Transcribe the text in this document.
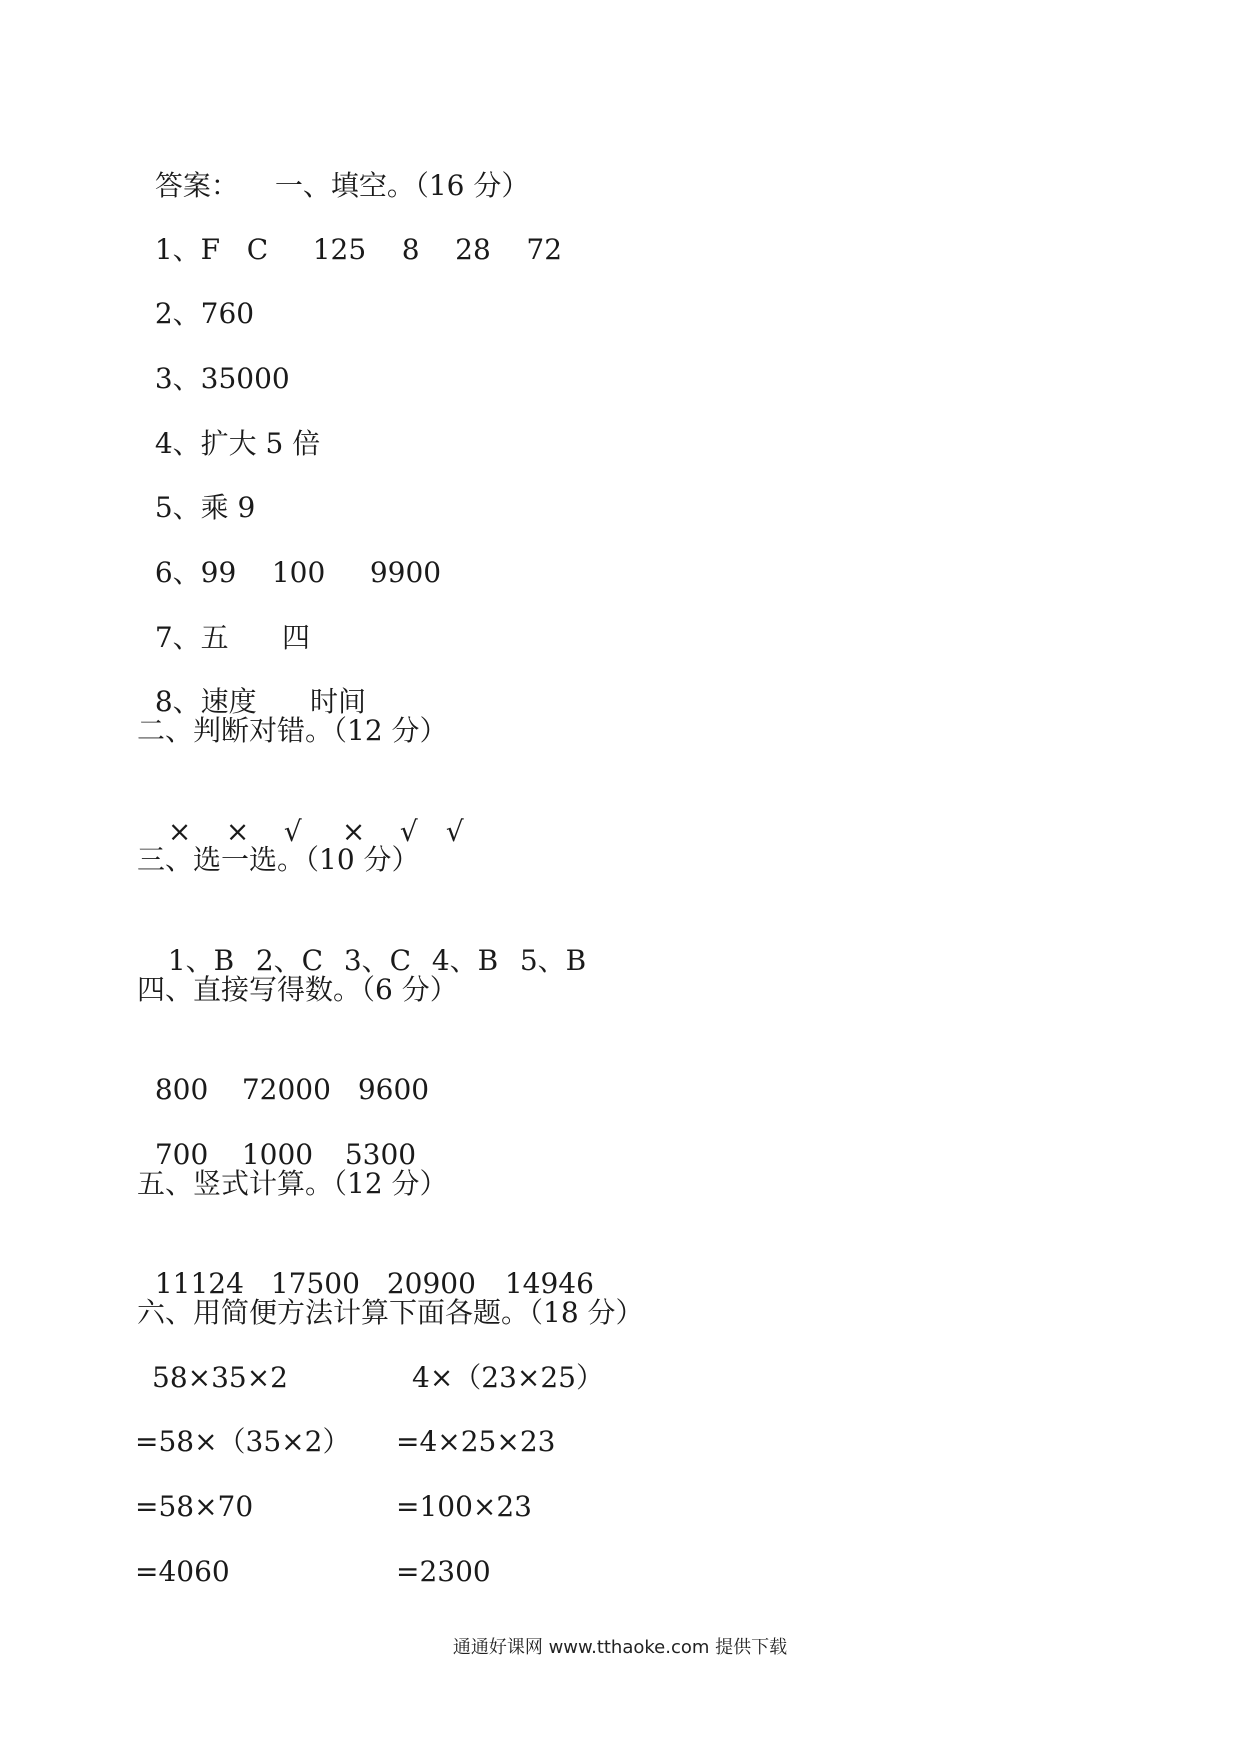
答案： 一、填空。（16 分）

1、F   C     125    8    28    72

2、760

3、35000

4、扩大 5 倍

5、乘 9

6、99    100     9900

7、五      四

8、速度      时间

二、判断对错。（12 分）

× × √ × √ √

三、选一选。（10 分）

1、B 2、C 3、C 4、B 5、B

四、直接写得数。（6 分）

800 72000 9600

700 1000 5300

五、竖式计算。（12 分）

11124 17500 20900 14946

六、用简便方法计算下面各题。（18 分）
58×35×2
=58×（35×2）
=58×70
=4060
4×（23×25）
=4×25×23
=100×23
=2300
通通好课网 www.tthaoke.com 提供下载
